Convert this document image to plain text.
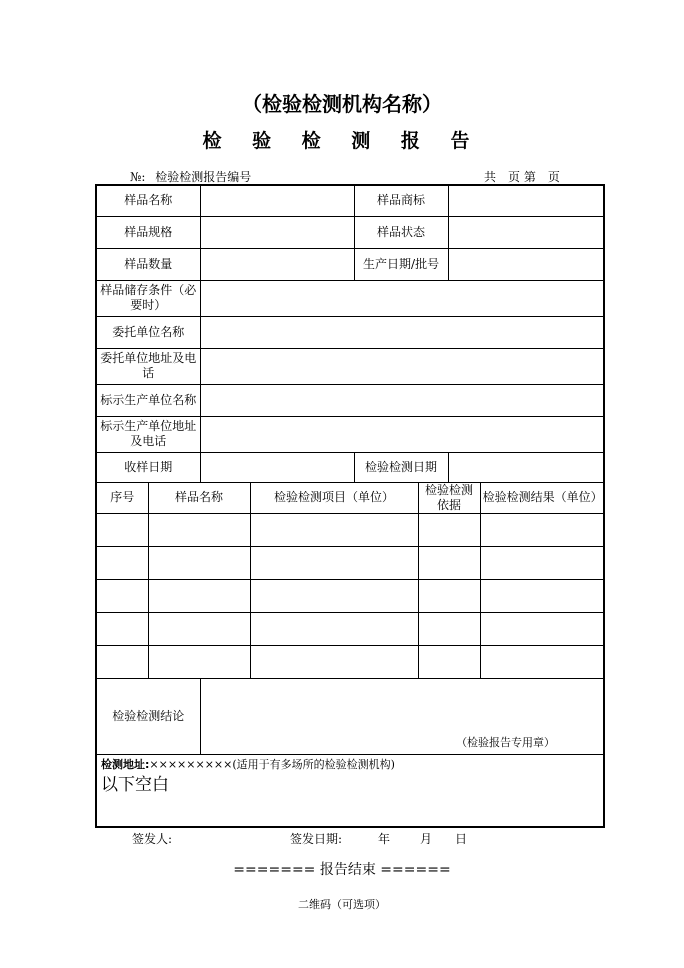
（检验检测机构名称）
检 验 检 测 报 告
№: 检验检测报告编号	共　页 第　页
样品名称				样品商标			
样品规格				样品状态			
样品数量				生产日期/批号			
样品储存条件（必要时）							
委托单位名称							
委托单位地址及电话							
标示生产单位名称							
标示生产单位地址及电话							
收样日期				检验检测日期			
序号	样品名称		检验检测项目（单位）		检验检测依据		检验检测结果（单位）

检验检测结论		（检验报告专用章）					

检测地址:×××××××××(适用于有多场所的检验检测机构)
以下空白							
签发人:	签发日期:	年 月 日
======= 报告结束 ======
二维码（可选项）
